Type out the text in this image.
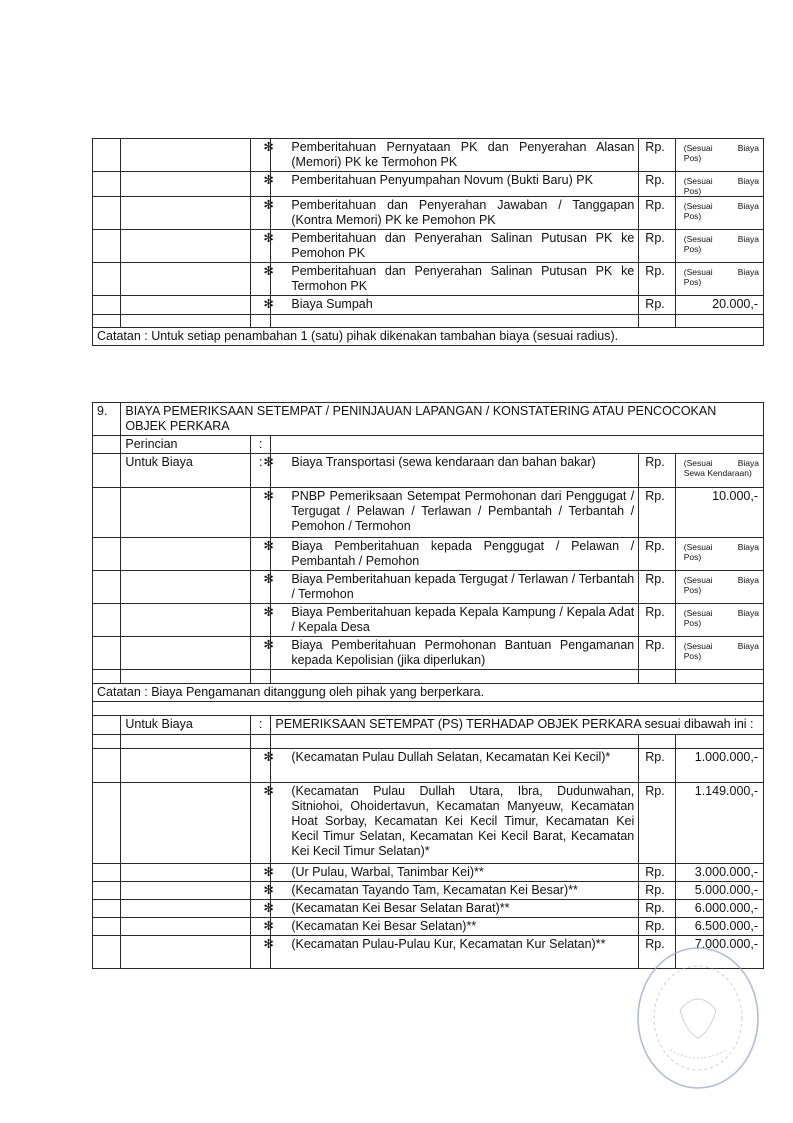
			✻ Pemberitahuan Pernyataan PK dan Penyerahan Alasan (Memori) PK ke Termohon PK	Rp.	(Sesuai Biaya
Pos)

			✻ Pemberitahuan Penyumpahan Novum (Bukti Baru) PK	Rp.	(Sesuai Biaya
Pos)

			✻ Pemberitahuan dan Penyerahan Jawaban / Tanggapan (Kontra Memori) PK ke Pemohon PK	Rp.	(Sesuai Biaya
Pos)

			✻ Pemberitahuan dan Penyerahan Salinan Putusan PK ke Pemohon PK	Rp.	(Sesuai Biaya
Pos)

			✻ Pemberitahuan dan Penyerahan Salinan Putusan PK ke Termohon PK	Rp.	(Sesuai Biaya
Pos)

			✻ Biaya Sumpah	Rp.	20.000,-

Catatan : Untuk setiap penambahan 1 (satu) pihak dikenakan tambahan biaya (sesuai radius).					
9.	BIAYA PEMERIKSAAN SETEMPAT / PENINJAUAN LAPANGAN / KONSTATERING ATAU PENCOCOKAN OBJEK PERKARA				
	Perincian	:			
	Untuk Biaya	:	✻ Biaya Transportasi (sewa kendaraan dan bahan bakar)	Rp.	(Sesuai Biaya
Sewa Kendaraan)

			✻ PNBP Pemeriksaan Setempat Permohonan dari Penggugat / Tergugat / Pelawan / Terlawan / Pembantah / Terbantah / Pemohon / Termohon	Rp.	10.000,-
			✻ Biaya Pemberitahuan kepada Penggugat / Pelawan / Pembantah / Pemohon	Rp.	(Sesuai Biaya
Pos)

			✻ Biaya Pemberitahuan kepada Tergugat / Terlawan / Terbantah / Termohon	Rp.	(Sesuai Biaya
Pos)

			✻ Biaya Pemberitahuan kepada Kepala Kampung / Kepala Adat / Kepala Desa	Rp.	(Sesuai Biaya
Pos)

			✻ Biaya Pemberitahuan Permohonan Bantuan Pengamanan kepada Kepolisian (jika diperlukan)	Rp.	(Sesuai Biaya
Pos)

Catatan : Biaya Pengamanan ditanggung oleh pihak yang berperkara.					

	Untuk Biaya	:	PEMERIKSAAN SETEMPAT (PS) TERHADAP OBJEK PERKARA sesuai dibawah ini :		

			✻ (Kecamatan Pulau Dullah Selatan, Kecamatan Kei Kecil)*	Rp.	1.000.000,-
			✻ (Kecamatan Pulau Dullah Utara, Ibra, Dudunwahan, Sitniohoi, Ohoidertavun, Kecamatan Manyeuw, Kecamatan Hoat Sorbay, Kecamatan Kei Kecil Timur, Kecamatan Kei Kecil Timur Selatan, Kecamatan Kei Kecil Barat, Kecamatan Kei Kecil Timur Selatan)*	Rp.	1.149.000,-
			✻ (Ur Pulau, Warbal, Tanimbar Kei)**	Rp.	3.000.000,-
			✻ (Kecamatan Tayando Tam, Kecamatan Kei Besar)**	Rp.	5.000.000,-
			✻ (Kecamatan Kei Besar Selatan Barat)**	Rp.	6.000.000,-
			✻ (Kecamatan Kei Besar Selatan)**	Rp.	6.500.000,-
			✻ (Kecamatan Pulau-Pulau Kur, Kecamatan Kur Selatan)**	Rp.	7.000.000,-
